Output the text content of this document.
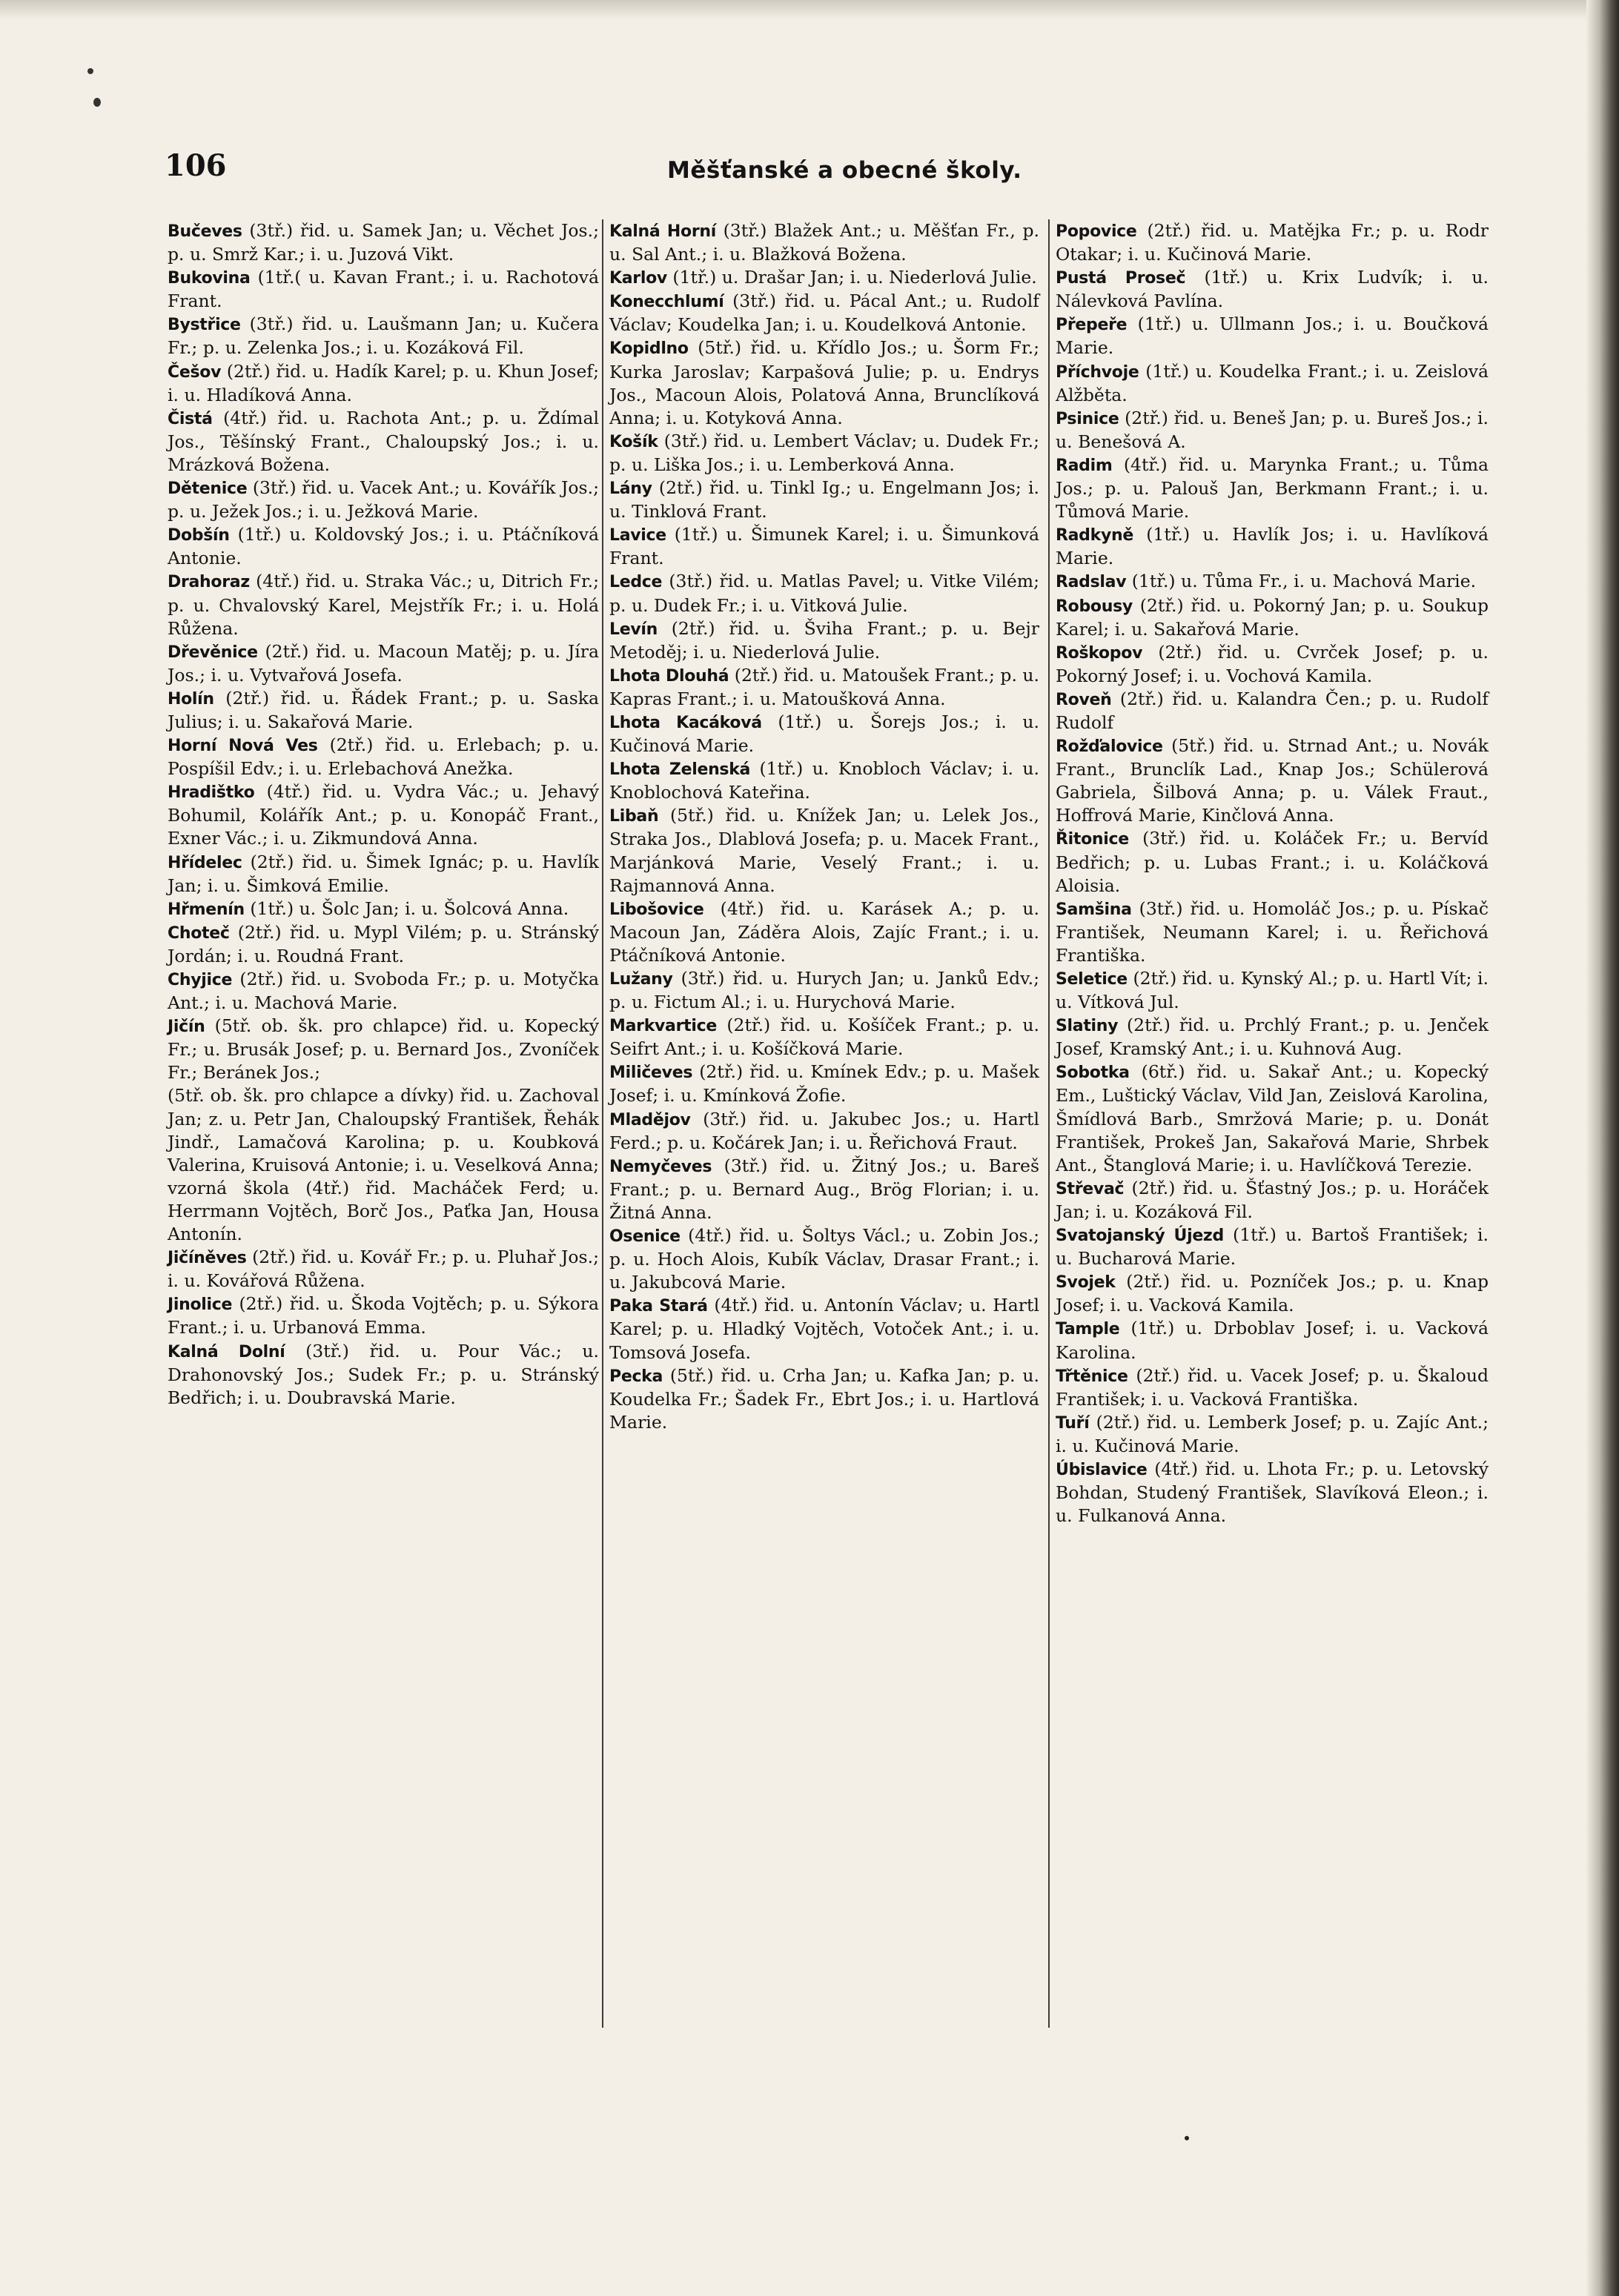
106	Měšťanské a obecné školy.

Bučeves (3tř.) řid. u. Samek Jan; u. Věchet Jos.; p. u. Smrž Kar.; i. u. Juzová Vikt.

Bukovina (1tř.( u. Kavan Frant.; i. u. Rachotová Frant.

Bystřice (3tř.) řid. u. Laušmann Jan; u. Kučera Fr.; p. u. Zelenka Jos.; i. u. Kozáková Fil.

Češov (2tř.) řid. u. Hadík Karel; p. u. Khun Josef; i. u. Hladíková Anna.

Čistá (4tř.) řid. u. Rachota Ant.; p. u. Ždímal Jos., Těšínský Frant., Chaloupský Jos.; i. u. Mrázková Božena.

Dětenice (3tř.) řid. u. Vacek Ant.; u. Kovářík Jos.; p. u. Ježek Jos.; i. u. Ježková Marie.

Dobšín (1tř.) u. Koldovský Jos.; i. u. Ptáčníková Antonie.

Drahoraz (4tř.) řid. u. Straka Vác.; u, Ditrich Fr.; p. u. Chvalovský Karel, Mejstřík Fr.; i. u. Holá Růžena.

Dřevěnice (2tř.) řid. u. Macoun Matěj; p. u. Jíra Jos.; i. u. Vytvařová Josefa.

Holín (2tř.) řid. u. Řádek Frant.; p. u. Saska Julius; i. u. Sakařová Marie.

Horní Nová Ves (2tř.) řid. u. Erlebach; p. u. Pospíšil Edv.; i. u. Erlebachová Anežka.

Hradištko (4tř.) řid. u. Vydra Vác.; u. Jehavý Bohumil, Kolářík Ant.; p. u. Konopáč Frant., Exner Vác.; i. u. Zikmundová Anna.

Hřídelec (2tř.) řid. u. Šimek Ignác; p. u. Havlík Jan; i. u. Šimková Emilie.

Hřmenín (1tř.) u. Šolc Jan; i. u. Šolcová Anna.

Choteč (2tř.) řid. u. Mypl Vilém; p. u. Stránský Jordán; i. u. Roudná Frant.

Chyjice (2tř.) řid. u. Svoboda Fr.; p. u. Motyčka Ant.; i. u. Machová Marie.

Jičín (5tř. ob. šk. pro chlapce) řid. u. Kopecký Fr.; u. Brusák Josef; p. u. Bernard Jos., Zvoníček Fr.; Beránek Jos.;

(5tř. ob. šk. pro chlapce a dívky) řid. u. Zachoval Jan; z. u. Petr Jan, Chaloupský František, Řehák Jindř., Lamačová Karolina; p. u. Koubková Valerina, Kruisová Antonie; i. u. Veselková Anna; vzorná škola (4tř.) řid. Macháček Ferd; u. Herrmann Vojtěch, Borč Jos., Paťka Jan, Housa Antonín.

Jičíněves (2tř.) řid. u. Kovář Fr.; p. u. Pluhař Jos.; i. u. Kovářová Růžena.

Jinolice (2tř.) řid. u. Škoda Vojtěch; p. u. Sýkora Frant.; i. u. Urbanová Emma.

Kalná Dolní (3tř.) řid. u. Pour Vác.; u. Drahonovský Jos.; Sudek Fr.; p. u. Stránský Bedřich; i. u. Doubravská Marie.

Kalná Horní (3tř.) Blažek Ant.; u. Měšťan Fr., p. u. Sal Ant.; i. u. Blažková Božena.

Karlov (1tř.) u. Drašar Jan; i. u. Niederlová Julie.

Konecchlumí (3tř.) řid. u. Pácal Ant.; u. Rudolf Václav; Koudelka Jan; i. u. Koudelková Antonie.

Kopidlno (5tř.) řid. u. Křídlo Jos.; u. Šorm Fr.; Kurka Jaroslav; Karpašová Julie; p. u. Endrys Jos., Macoun Alois, Polatová Anna, Brunclíková Anna; i. u. Kotyková Anna.

Košík (3tř.) řid. u. Lembert Václav; u. Dudek Fr.; p. u. Liška Jos.; i. u. Lemberková Anna.

Lány (2tř.) řid. u. Tinkl Ig.; u. Engelmann Jos; i. u. Tinklová Frant.

Lavice (1tř.) u. Šimunek Karel; i. u. Šimunková Frant.

Ledce (3tř.) řid. u. Matlas Pavel; u. Vitke Vilém; p. u. Dudek Fr.; i. u. Vitková Julie.

Levín (2tř.) řid. u. Šviha Frant.; p. u. Bejr Metoděj; i. u. Niederlová Julie.

Lhota Dlouhá (2tř.) řid. u. Matoušek Frant.; p. u. Kapras Frant.; i. u. Matoušková Anna.

Lhota Kacáková (1tř.) u. Šorejs Jos.; i. u. Kučinová Marie.

Lhota Zelenská (1tř.) u. Knobloch Václav; i. u. Knoblochová Kateřina.

Libaň (5tř.) řid. u. Knížek Jan; u. Lelek Jos., Straka Jos., Dlablová Josefa; p. u. Macek Frant., Marjánková Marie, Veselý Frant.; i. u. Rajmannová Anna.

Libošovice (4tř.) řid. u. Karásek A.; p. u. Macoun Jan, Záděra Alois, Zajíc Frant.; i. u. Ptáčníková Antonie.

Lužany (3tř.) řid. u. Hurych Jan; u. Janků Edv.; p. u. Fictum Al.; i. u. Hurychová Marie.

Markvartice (2tř.) řid. u. Košíček Frant.; p. u. Seifrt Ant.; i. u. Košíčková Marie.

Miličeves (2tř.) řid. u. Kmínek Edv.; p. u. Mašek Josef; i. u. Kmínková Žofie.

Mladějov (3tř.) řid. u. Jakubec Jos.; u. Hartl Ferd.; p. u. Kočárek Jan; i. u. Řeřichová Fraut.

Nemyčeves (3tř.) řid. u. Žitný Jos.; u. Bareš Frant.; p. u. Bernard Aug., Brög Florian; i. u. Žitná Anna.

Osenice (4tř.) řid. u. Šoltys Václ.; u. Zobin Jos.; p. u. Hoch Alois, Kubík Václav, Drasar Frant.; i. u. Jakubcová Marie.

Paka Stará (4tř.) řid. u. Antonín Václav; u. Hartl Karel; p. u. Hladký Vojtěch, Votoček Ant.; i. u. Tomsová Josefa.

Pecka (5tř.) řid. u. Crha Jan; u. Kafka Jan; p. u. Koudelka Fr.; Šadek Fr., Ebrt Jos.; i. u. Hartlová Marie.

Popovice (2tř.) řid. u. Matějka Fr.; p. u. Rodr Otakar; i. u. Kučinová Marie.

Pustá Proseč (1tř.) u. Krix Ludvík; i. u. Nálevková Pavlína.

Přepeře (1tř.) u. Ullmann Jos.; i. u. Boučková Marie.

Příchvoje (1tř.) u. Koudelka Frant.; i. u. Zeislová Alžběta.

Psinice (2tř.) řid. u. Beneš Jan; p. u. Bureš Jos.; i. u. Benešová A.

Radim (4tř.) řid. u. Marynka Frant.; u. Tůma Jos.; p. u. Palouš Jan, Berkmann Frant.; i. u. Tůmová Marie.

Radkyně (1tř.) u. Havlík Jos; i. u. Havlíková Marie.

Radslav (1tř.) u. Tůma Fr., i. u. Machová Marie.

Robousy (2tř.) řid. u. Pokorný Jan; p. u. Soukup Karel; i. u. Sakařová Marie.

Roškopov (2tř.) řid. u. Cvrček Josef; p. u. Pokorný Josef; i. u. Vochová Kamila.

Roveň (2tř.) řid. u. Kalandra Čen.; p. u. Rudolf Rudolf

Rožďalovice (5tř.) řid. u. Strnad Ant.; u. Novák Frant., Brunclík Lad., Knap Jos.; Schülerová Gabriela, Šilbová Anna; p. u. Válek Fraut., Hoffrová Marie, Kinčlová Anna.

Řitonice (3tř.) řid. u. Koláček Fr.; u. Bervíd Bedřich; p. u. Lubas Frant.; i. u. Koláčková Aloisia.

Samšina (3tř.) řid. u. Homoláč Jos.; p. u. Pískač František, Neumann Karel; i. u. Řeřichová Františka.

Seletice (2tř.) řid. u. Kynský Al.; p. u. Hartl Vít; i. u. Vítková Jul.

Slatiny (2tř.) řid. u. Prchlý Frant.; p. u. Jenček Josef, Kramský Ant.; i. u. Kuhnová Aug.

Sobotka (6tř.) řid. u. Sakař Ant.; u. Kopecký Em., Luštický Václav, Vild Jan, Zeislová Karolina, Šmídlová Barb., Smržová Marie; p. u. Donát František, Prokeš Jan, Sakařová Marie, Shrbek Ant., Štanglová Marie; i. u. Havlíčková Terezie.

Střevač (2tř.) řid. u. Šťastný Jos.; p. u. Horáček Jan; i. u. Kozáková Fil.

Svatojanský Újezd (1tř.) u. Bartoš František; i. u. Bucharová Marie.

Svojek (2tř.) řid. u. Pozníček Jos.; p. u. Knap Josef; i. u. Vacková Kamila.

Tample (1tř.) u. Drboblav Josef; i. u. Vacková Karolina.

Třtěnice (2tř.) řid. u. Vacek Josef; p. u. Škaloud František; i. u. Vacková Františka.

Tuří (2tř.) řid. u. Lemberk Josef; p. u. Zajíc Ant.; i. u. Kučinová Marie.

Úbislavice (4tř.) řid. u. Lhota Fr.; p. u. Letovský Bohdan, Studený František, Slavíková Eleon.; i. u. Fulkanová Anna.
